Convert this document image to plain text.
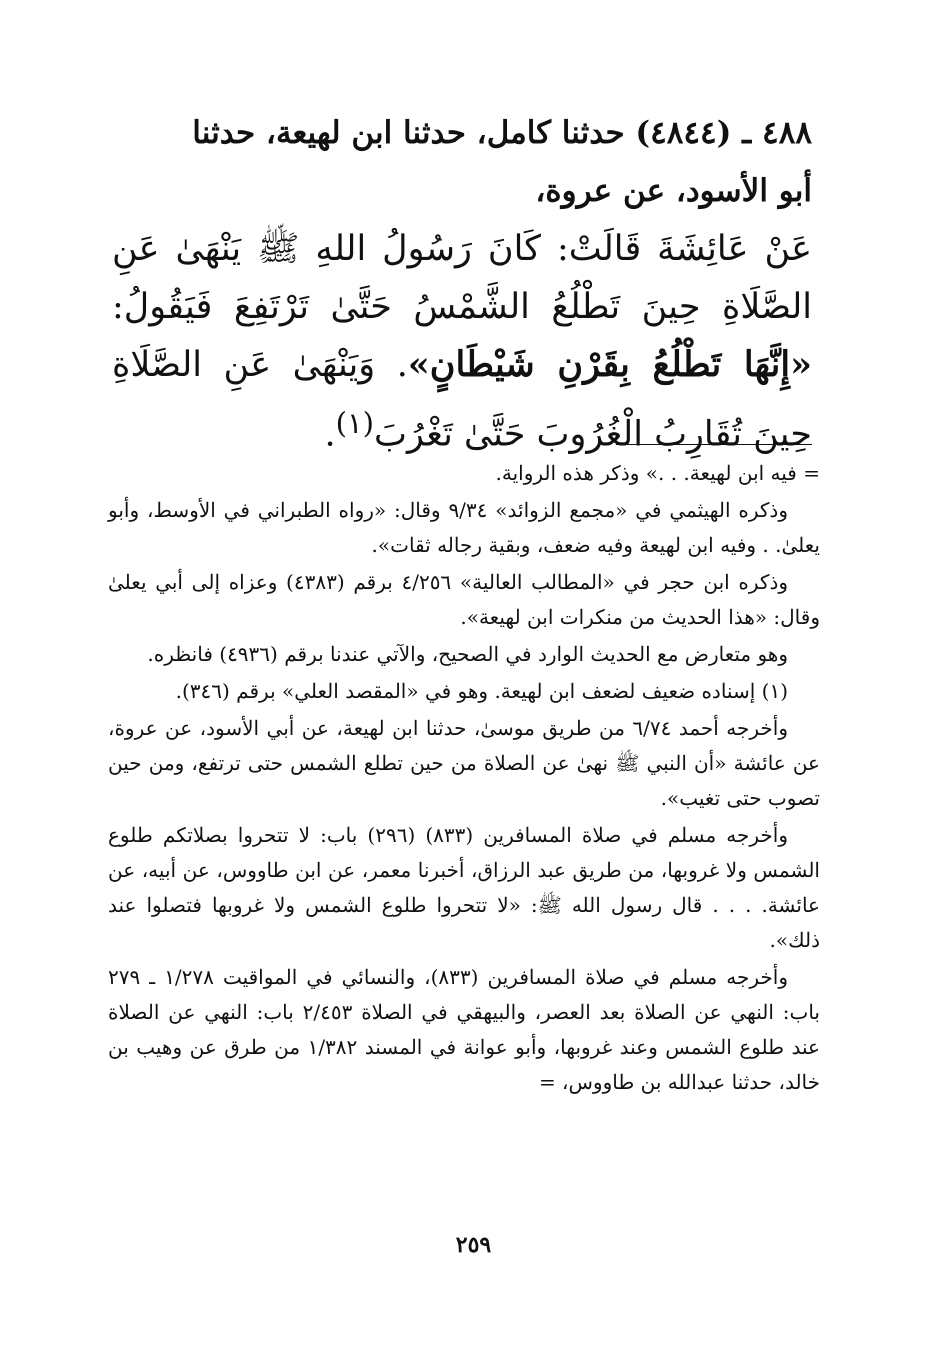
٤٨٨ ـ (٤٨٤٤) حدثنا كامل، حدثنا ابن لهيعة، حدثنا

أبو الأسود، عن عروة،

عَنْ عَائِشَةَ قَالَتْ: كَانَ رَسُولُ اللهِ ﷺ يَنْهَىٰ عَنِ الصَّلَاةِ حِينَ تَطْلُعُ الشَّمْسُ حَتَّىٰ تَرْتَفِعَ فَيَقُولُ: «إِنَّهَا تَطْلُعُ بِقَرْنِ شَيْطَانٍ». وَيَنْهَىٰ عَنِ الصَّلَاةِ حِينَ تُقَارِبُ الْغُرُوبَ حَتَّىٰ تَغْرُبَ$^{(١)}$.

= فيه ابن لهيعة. . .» وذكر هذه الرواية.

وذكره الهيثمي في «مجمع الزوائد» ٩/٣٤ وقال: «رواه الطبراني في الأوسط، وأبو يعلىٰ. . وفيه ابن لهيعة وفيه ضعف، وبقية رجاله ثقات».

وذكره ابن حجر في «المطالب العالية» ٤/٢٥٦ برقم (٤٣٨٣) وعزاه إلى أبي يعلىٰ وقال: «هذا الحديث من منكرات ابن لهيعة».

وهو متعارض مع الحديث الوارد في الصحيح، والآتي عندنا برقم (٤٩٣٦) فانظره.

(١) إسناده ضعيف لضعف ابن لهيعة. وهو في «المقصد العلي» برقم (٣٤٦).

وأخرجه أحمد ٦/٧٤ من طريق موسىٰ، حدثنا ابن لهيعة، عن أبي الأسود، عن عروة، عن عائشة «أن النبي ﷺ نهىٰ عن الصلاة من حين تطلع الشمس حتى ترتفع، ومن حين تصوب حتى تغيب».

وأخرجه مسلم في صلاة المسافرين (٨٣٣) (٢٩٦) باب: لا تتحروا بصلاتكم طلوع الشمس ولا غروبها، من طريق عبد الرزاق، أخبرنا معمر، عن ابن طاووس، عن أبيه، عن عائشة. . . . قال رسول الله ﷺ: «لا تتحروا طلوع الشمس ولا غروبها فتصلوا عند ذلك».

وأخرجه مسلم في صلاة المسافرين (٨٣٣)، والنسائي في المواقيت ١/٢٧٨ ـ ٢٧٩ باب: النهي عن الصلاة بعد العصر، والبيهقي في الصلاة ٢/٤٥٣ باب: النهي عن الصلاة عند طلوع الشمس وعند غروبها، وأبو عوانة في المسند ١/٣٨٢ من طرق عن وهيب بن خالد، حدثنا عبدالله بن طاووس، =

٢٥٩
